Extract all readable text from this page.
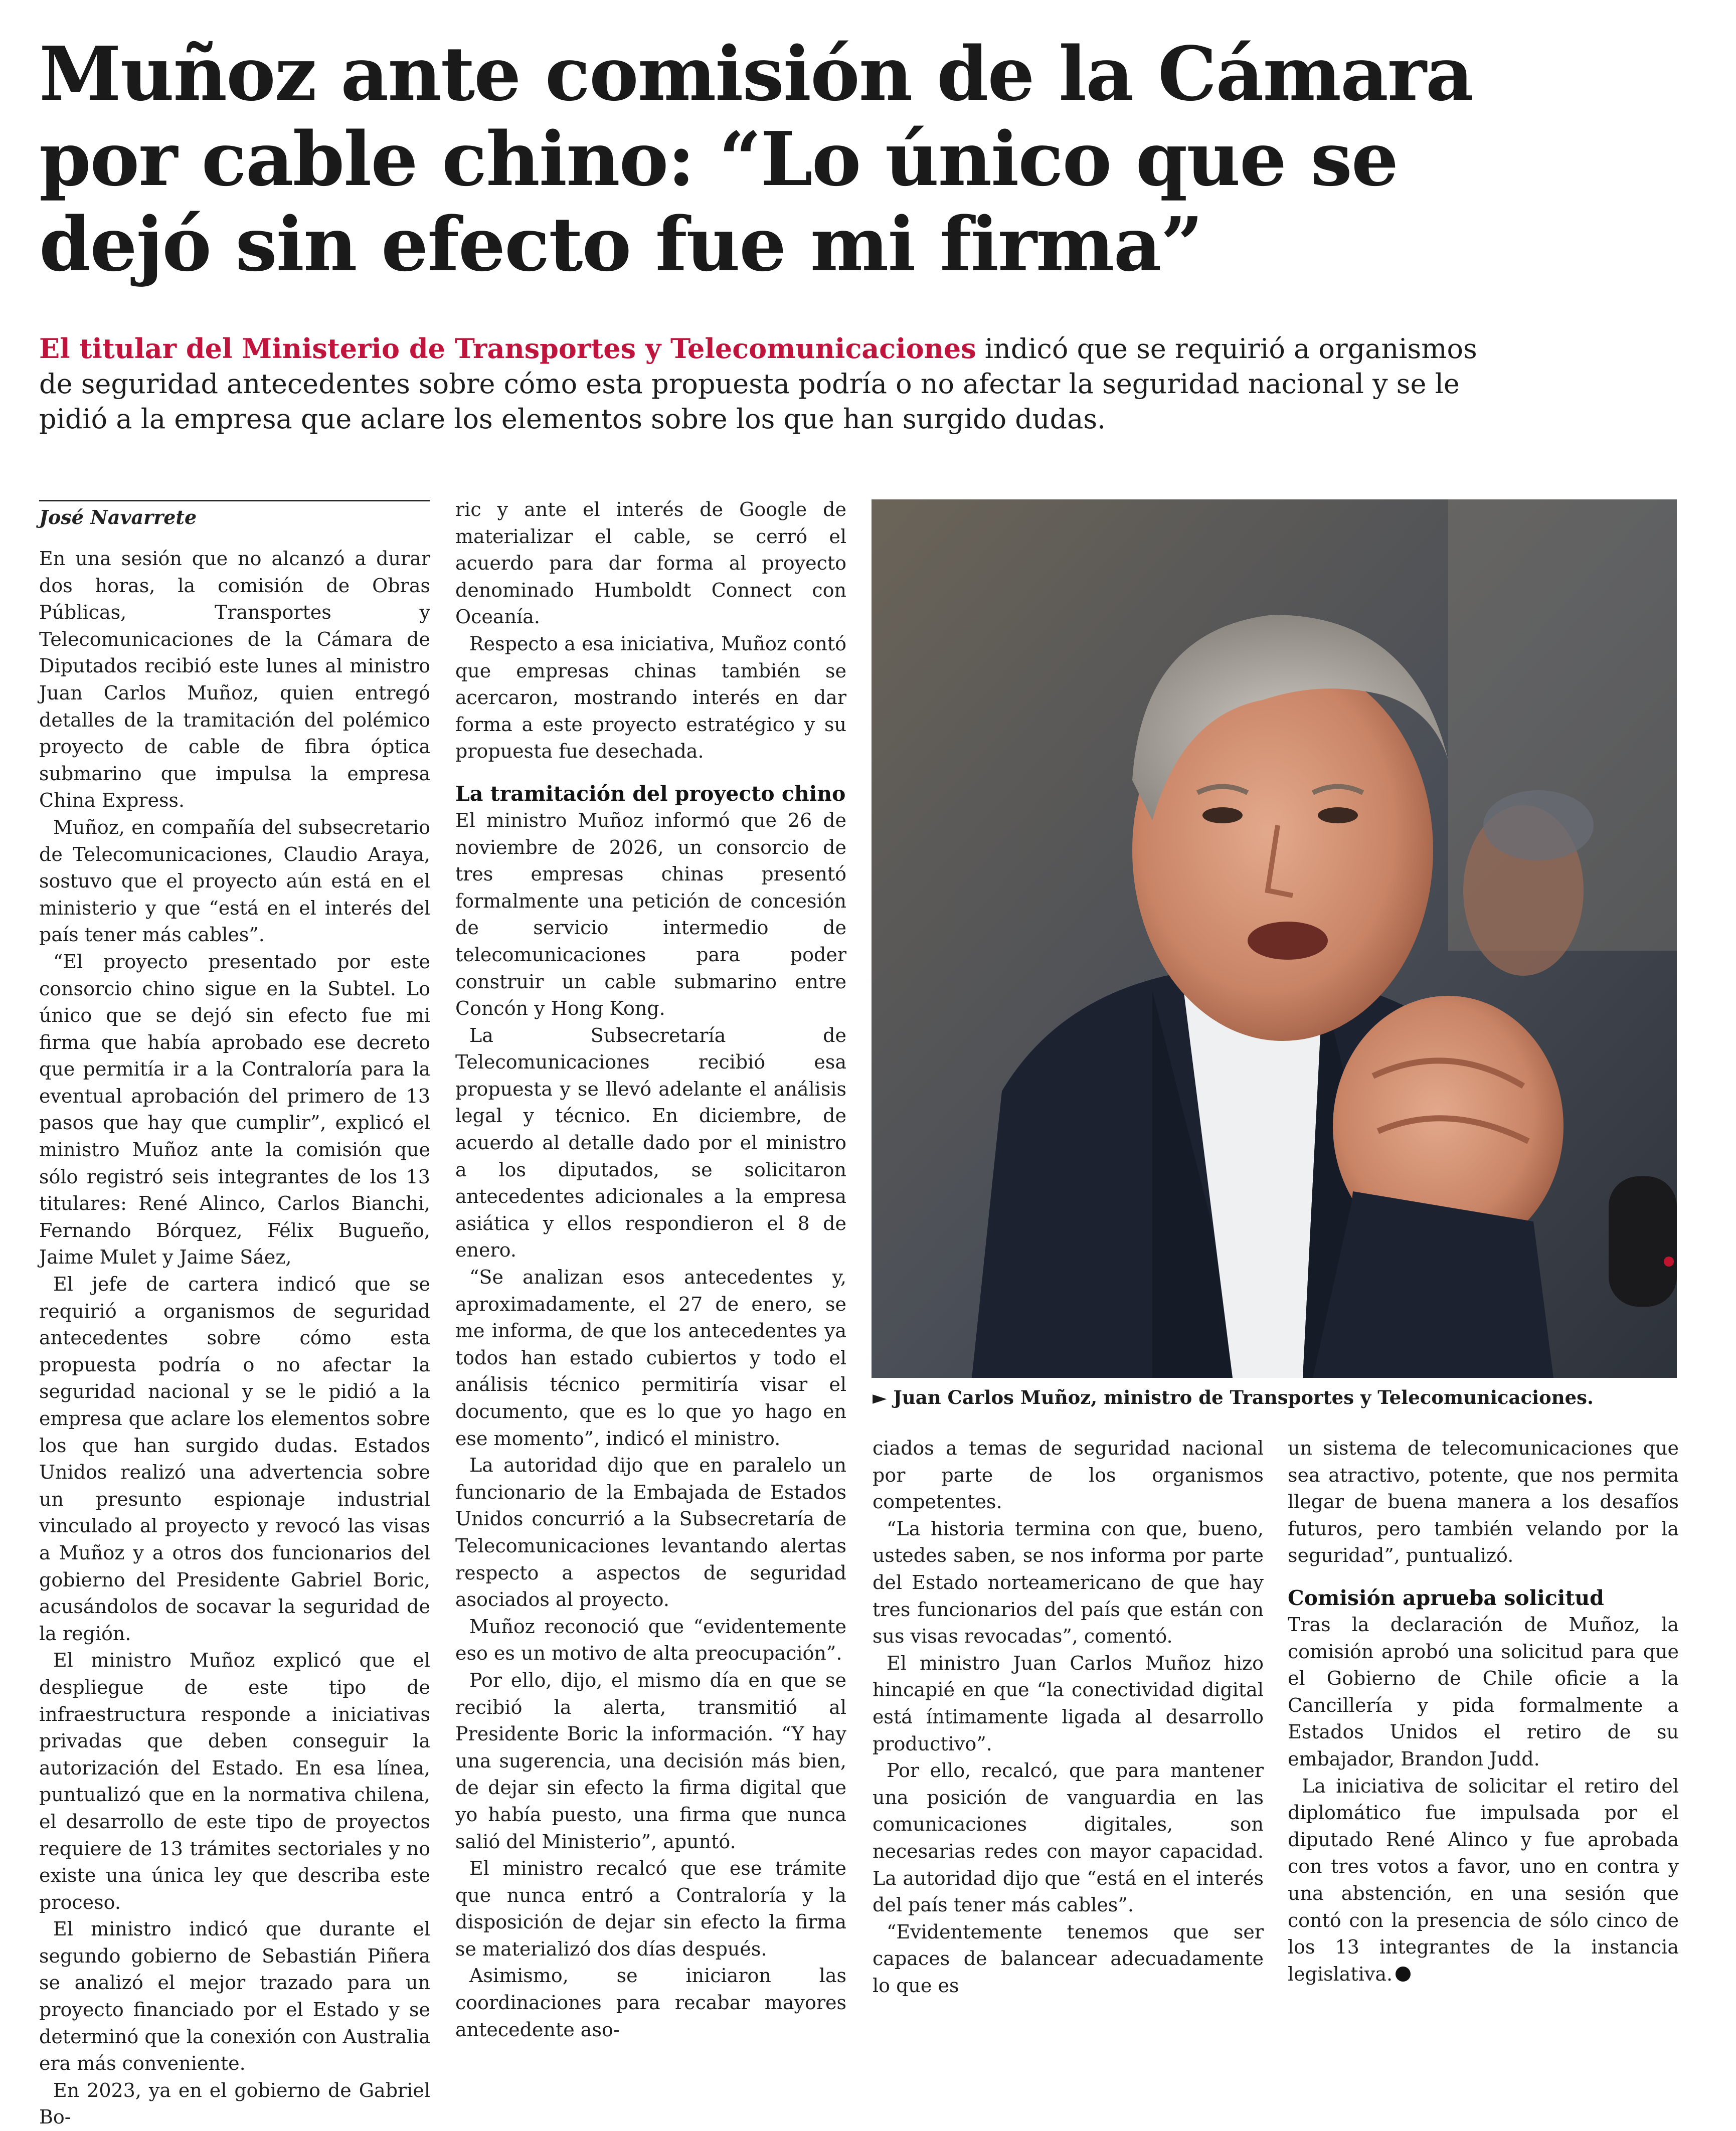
Muñoz ante comisión de la Cámara
por cable chino: “Lo único que se
dejó sin efecto fue mi firma”
El titular del Ministerio de Transportes y Telecomunicaciones indicó que se requirió a organismos
de seguridad antecedentes sobre cómo esta propuesta podría o no afectar la seguridad nacional y se le
pidió a la empresa que aclare los elementos sobre los que han surgido dudas.
José Navarrete

En una sesión que no alcanzó a durar dos horas, la comisión de Obras Públicas, Transportes y Telecomunicaciones de la Cámara de Diputados recibió este lunes al ministro Juan Carlos Muñoz, quien entregó detalles de la tramitación del polémico proyecto de cable de fibra óptica submarino que impulsa la empresa China Express.

Muñoz, en compañía del subsecretario de Telecomunicaciones, Claudio Araya, sostuvo que el proyecto aún está en el ministerio y que “está en el interés del país tener más cables”.

“El proyecto presentado por este consorcio chino sigue en la Subtel. Lo único que se dejó sin efecto fue mi firma que había aprobado ese decreto que permitía ir a la Contraloría para la eventual aprobación del primero de 13 pasos que hay que cumplir”, explicó el ministro Muñoz ante la comisión que sólo registró seis integrantes de los 13 titulares: René Alinco, Carlos Bianchi, Fernando Bórquez, Félix Bugueño, Jaime Mulet y Jaime Sáez,

El jefe de cartera indicó que se requirió a organismos de seguridad antecedentes sobre cómo esta propuesta podría o no afectar la seguridad nacional y se le pidió a la empresa que aclare los elementos sobre los que han surgido dudas. Estados Unidos realizó una advertencia sobre un presunto espionaje industrial vinculado al proyecto y revocó las visas a Muñoz y a otros dos funcionarios del gobierno del Presidente Gabriel Boric, acusándolos de socavar la seguridad de la región.

El ministro Muñoz explicó que el despliegue de este tipo de infraestructura responde a iniciativas privadas que deben conseguir la autorización del Estado. En esa línea, puntualizó que en la normativa chilena, el desarrollo de este tipo de proyectos requiere de 13 trámites sectoriales y no existe una única ley que describa este proceso.

El ministro indicó que durante el segundo gobierno de Sebastián Piñera se analizó el mejor trazado para un proyecto financiado por el Estado y se determinó que la conexión con Australia era más conveniente.

En 2023, ya en el gobierno de Gabriel Bo-

ric y ante el interés de Google de materializar el cable, se cerró el acuerdo para dar forma al proyecto denominado Humboldt Connect con Oceanía.

Respecto a esa iniciativa, Muñoz contó que empresas chinas también se acercaron, mostrando interés en dar forma a este proyecto estratégico y su propuesta fue desechada.

La tramitación del proyecto chino

El ministro Muñoz informó que 26 de noviembre de 2026, un consorcio de tres empresas chinas presentó formalmente una petición de concesión de servicio intermedio de telecomunicaciones para poder construir un cable submarino entre Concón y Hong Kong.

La Subsecretaría de Telecomunicaciones recibió esa propuesta y se llevó adelante el análisis legal y técnico. En diciembre, de acuerdo al detalle dado por el ministro a los diputados, se solicitaron antecedentes adicionales a la empresa asiática y ellos respondieron el 8 de enero.

“Se analizan esos antecedentes y, aproximadamente, el 27 de enero, se me informa, de que los antecedentes ya todos han estado cubiertos y todo el análisis técnico permitiría visar el documento, que es lo que yo hago en ese momento”, indicó el ministro.

La autoridad dijo que en paralelo un funcionario de la Embajada de Estados Unidos concurrió a la Subsecretaría de Telecomunicaciones levantando alertas respecto a aspectos de seguridad asociados al proyecto.

Muñoz reconoció que “evidentemente eso es un motivo de alta preocupación”.

Por ello, dijo, el mismo día en que se recibió la alerta, transmitió al Presidente Boric la información. “Y hay una sugerencia, una decisión más bien, de dejar sin efecto la firma digital que yo había puesto, una firma que nunca salió del Ministerio”, apuntó.

El ministro recalcó que ese trámite que nunca entró a Contraloría y la disposición de dejar sin efecto la firma se materializó dos días después.

Asimismo, se iniciaron las coordinaciones para recabar mayores antecedente aso-

► Juan Carlos Muñoz, ministro de Transportes y Telecomunicaciones.

ciados a temas de seguridad nacional por parte de los organismos competentes.

“La historia termina con que, bueno, ustedes saben, se nos informa por parte del Estado norteamericano de que hay tres funcionarios del país que están con sus visas revocadas”, comentó.

El ministro Juan Carlos Muñoz hizo hincapié en que “la conectividad digital está íntimamente ligada al desarrollo productivo”.

Por ello, recalcó, que para mantener una posición de vanguardia en las comunicaciones digitales, son necesarias redes con mayor capacidad. La autoridad dijo que “está en el interés del país tener más cables”.

“Evidentemente tenemos que ser capaces de balancear adecuadamente lo que es

un sistema de telecomunicaciones que sea atractivo, potente, que nos permita llegar de buena manera a los desafíos futuros, pero también velando por la seguridad”, puntualizó.

Comisión aprueba solicitud

Tras la declaración de Muñoz, la comisión aprobó una solicitud para que el Gobierno de Chile oficie a la Cancillería y pida formalmente a Estados Unidos el retiro de su embajador, Brandon Judd.

La iniciativa de solicitar el retiro del diplomático fue impulsada por el diputado René Alinco y fue aprobada con tres votos a favor, uno en contra y una abstención, en una sesión que contó con la presencia de sólo cinco de los 13 integrantes de la instancia legislativa.
